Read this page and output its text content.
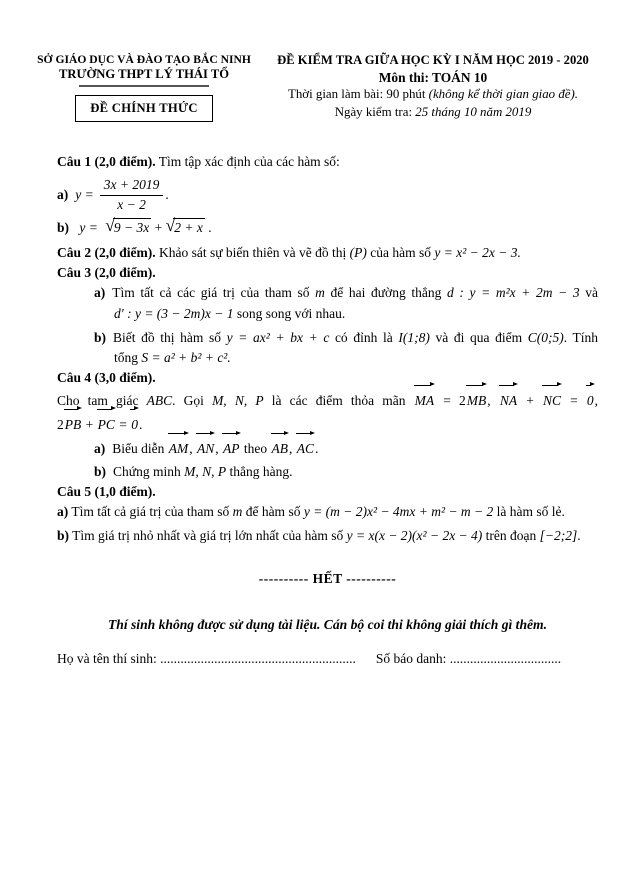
SỞ GIÁO DỤC VÀ ĐÀO TẠO BẮC NINH
TRƯỜNG THPT LÝ THÁI TỔ
ĐỀ CHÍNH THỨC
ĐỀ KIỂM TRA GIỮA HỌC KỲ I NĂM HỌC 2019 - 2020
Môn thi: TOÁN 10
Thời gian làm bài: 90 phút (không kể thời gian giao đề).
Ngày kiểm tra: 25 tháng 10 năm 2019

Câu 1 (2,0 điểm). Tìm tập xác định của các hàm số:

a) $y = \frac{3x + 2019}{x - 2}$ .

b) y = √9 − 3x + √2 + x .

Câu 2 (2,0 điểm). Khảo sát sự biến thiên và vẽ đồ thị (P) của hàm số y = x² − 2x − 3.

Câu 3 (2,0 điểm).

a) Tìm tất cả các giá trị của tham số m để hai đường thẳng d : y = m²x + 2m − 3 và

d′ : y = (3 − 2m)x − 1 song song với nhau.

b) Biết đồ thị hàm số y = ax² + bx + c có đỉnh là I(1;8) và đi qua điểm C(0;5). Tính

tổng S = a² + b² + c².

Câu 4 (3,0 điểm).

Cho tam giác ABC. Gọi M, N, P là các điểm thỏa mãn MA = 2MB, NA + NC = 0,

2PB + PC = 0.

a) Biểu diễn AM, AN, AP theo AB, AC.

b) Chứng minh M, N, P thẳng hàng.

Câu 5 (1,0 điểm).

a) Tìm tất cả giá trị của tham số m để hàm số y = (m − 2)x² − 4mx + m² − m − 2 là hàm số lẻ.

b) Tìm giá trị nhỏ nhất và giá trị lớn nhất của hàm số y = x(x − 2)(x² − 2x − 4) trên đoạn [−2;2].

---------- HẾT ----------

Thí sinh không được sử dụng tài liệu. Cán bộ coi thi không giải thích gì thêm.

Họ và tên thí sinh: .......................................................... Số báo danh: .................................
